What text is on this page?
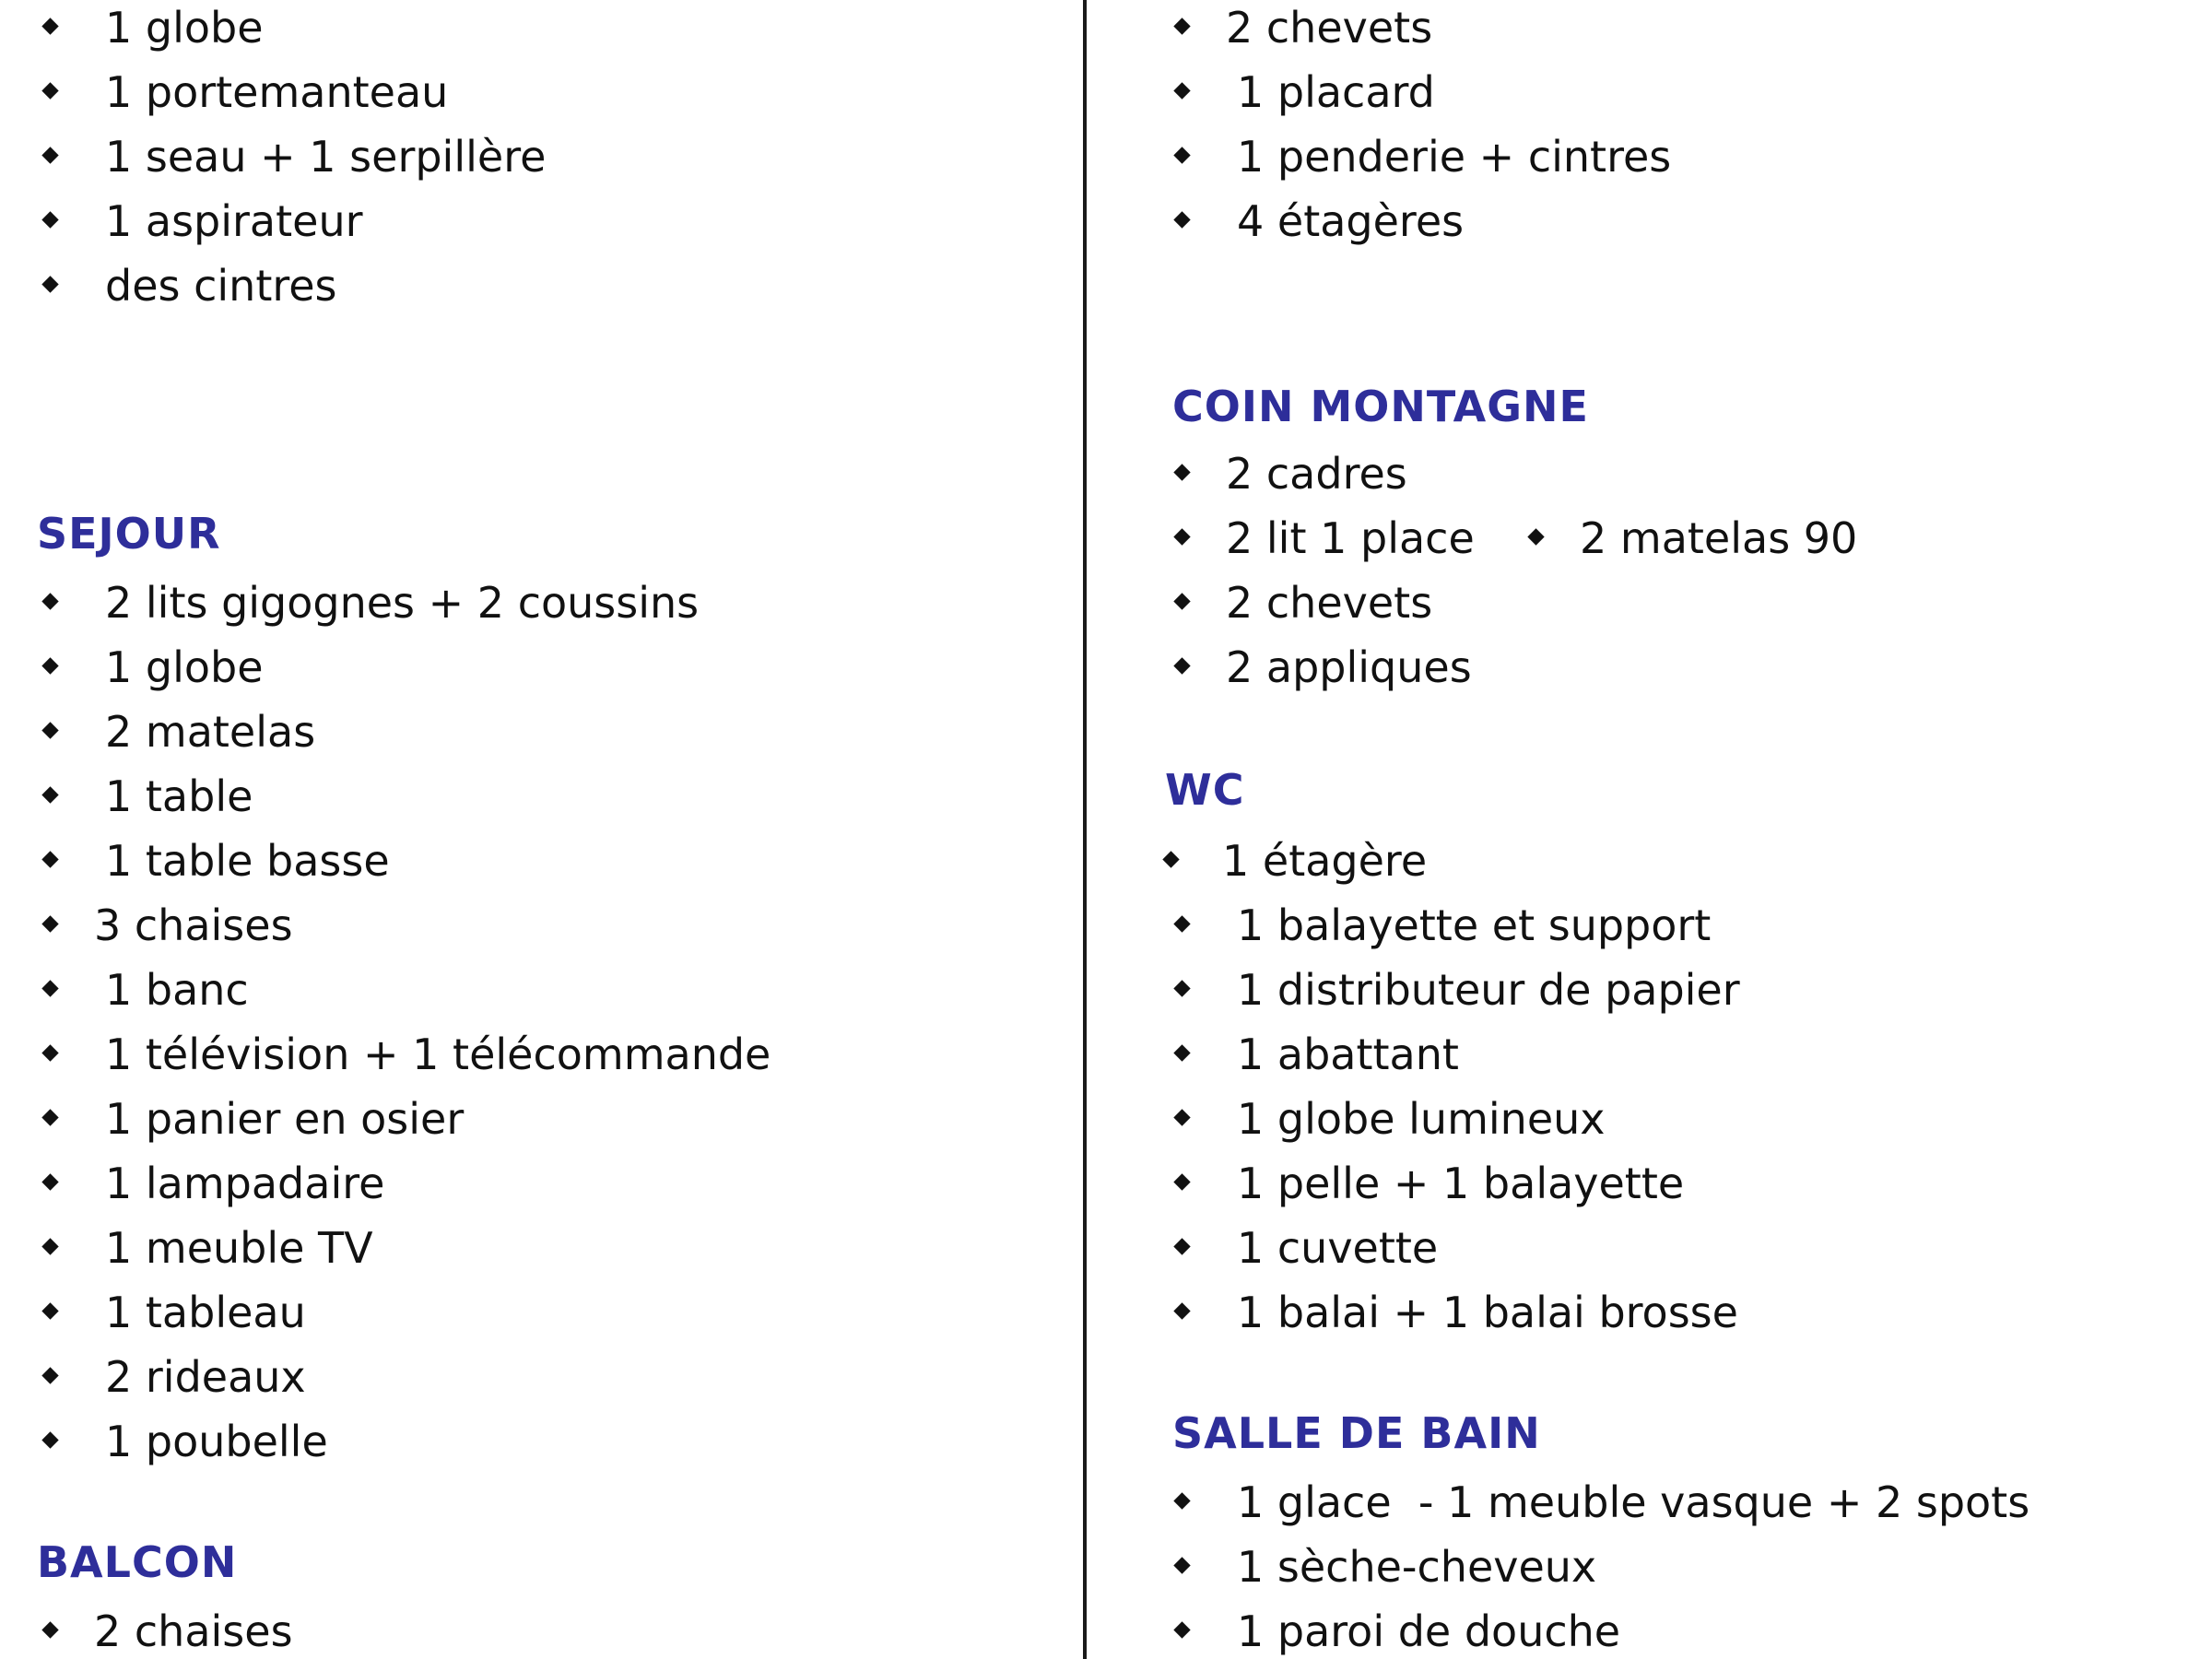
1 globe
1 portemanteau
1 seau + 1 serpillère
1 aspirateur
des cintres
SEJOUR
2 lits gigognes + 2 coussins
1 globe
2 matelas
1 table
1 table basse
3 chaises
1 banc
1 télévision + 1 télécommande
1 panier en osier
1 lampadaire
1 meuble TV
1 tableau
2 rideaux
1 poubelle
BALCON
2 chaises
2 chevets
1 placard
1 penderie + cintres
4 étagères
COIN MONTAGNE
2 cadres
2 lit 1 place 2 matelas 90
2 chevets
2 appliques
WC
1 étagère
1 balayette et support
1 distributeur de papier
1 abattant
1 globe lumineux
1 pelle + 1 balayette
1 cuvette
1 balai + 1 balai brosse
SALLE DE BAIN
1 glace  - 1 meuble vasque + 2 spots
1 sèche-cheveux
1 paroi de douche
